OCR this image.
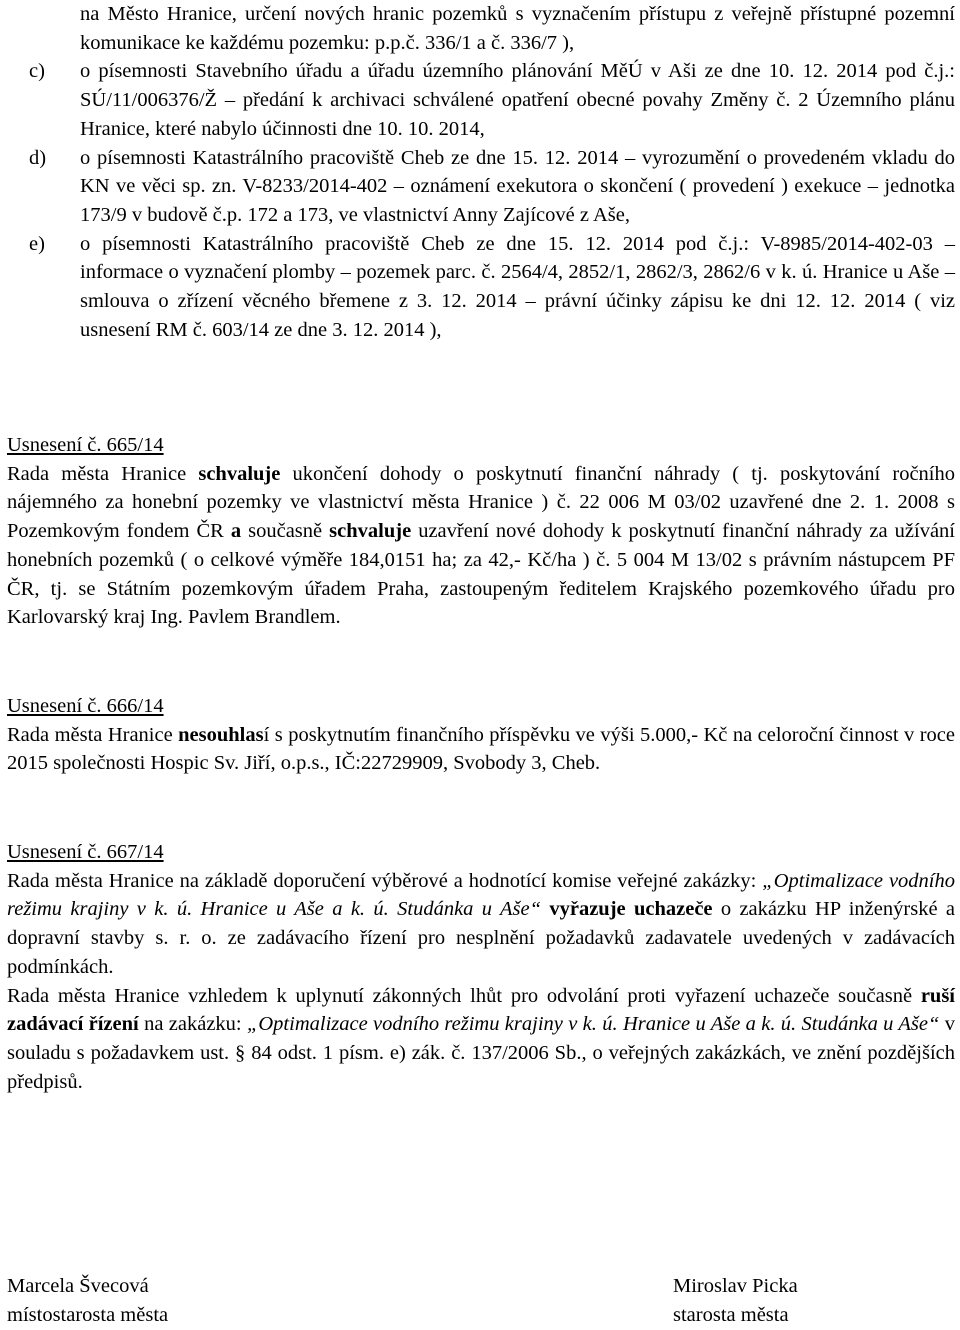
na Město Hranice, určení nových hranic pozemků s vyznačením přístupu z veřejně přístupné pozemní komunikace ke každému pozemku: p.p.č. 336/1 a č. 336/7 ),
c) o písemnosti Stavebního úřadu a úřadu územního plánování MěÚ v Aši ze dne 10. 12. 2014 pod č.j.: SÚ/11/006376/Ž – předání k archivaci schválené opatření obecné povahy Změny č. 2 Územního plánu Hranice, které nabylo účinnosti dne 10. 10. 2014,
d) o písemnosti Katastrálního pracoviště Cheb ze dne 15. 12. 2014 – vyrozumění o provedeném vkladu do KN ve věci sp. zn. V-8233/2014-402 – oznámení exekutora o skončení ( provedení ) exekuce – jednotka 173/9 v budově č.p. 172 a 173, ve vlastnictví Anny Zajícové z Aše,
e) o písemnosti Katastrálního pracoviště Cheb ze dne 15. 12. 2014 pod č.j.: V-8985/2014-402-03 – informace o vyznačení plomby – pozemek parc. č. 2564/4, 2852/1, 2862/3, 2862/6 v k. ú. Hranice u Aše – smlouva o zřízení věcného břemene z 3. 12. 2014 – právní účinky zápisu ke dni 12. 12. 2014 ( viz usnesení RM č. 603/14 ze dne 3. 12. 2014 ),

Usnesení č. 665/14

Rada města Hranice schvaluje ukončení dohody o poskytnutí finanční náhrady ( tj. poskytování ročního nájemného za honební pozemky ve vlastnictví města Hranice ) č. 22 006 M 03/02 uzavřené dne 2. 1. 2008 s Pozemkovým fondem ČR a současně schvaluje uzavření nové dohody k poskytnutí finanční náhrady za užívání honebních pozemků ( o celkové výměře 184,0151 ha; za 42,- Kč/ha ) č. 5 004 M 13/02 s právním nástupcem PF ČR, tj. se Státním pozemkovým úřadem Praha, zastoupeným ředitelem Krajského pozemkového úřadu pro Karlovarský kraj Ing. Pavlem Brandlem.

Usnesení č. 666/14

Rada města Hranice nesouhlasí s poskytnutím finančního příspěvku ve výši 5.000,- Kč na celoroční činnost v roce 2015 společnosti Hospic Sv. Jiří, o.p.s., IČ:22729909, Svobody 3, Cheb.

Usnesení č. 667/14

Rada města Hranice na základě doporučení výběrové a hodnotící komise veřejné zakázky: „Optimalizace vodního režimu krajiny v k. ú. Hranice u Aše a k. ú. Studánka u Aše“ vyřazuje uchazeče o zakázku HP inženýrské a dopravní stavby s. r. o. ze zadávacího řízení pro nesplnění požadavků zadavatele uvedených v zadávacích podmínkách.

Rada města Hranice vzhledem k uplynutí zákonných lhůt pro odvolání proti vyřazení uchazeče současně ruší zadávací řízení na zakázku: „Optimalizace vodního režimu krajiny v k. ú. Hranice u Aše a k. ú. Studánka u Aše“ v souladu s požadavkem ust. § 84 odst. 1 písm. e) zák. č. 137/2006 Sb., o veřejných zakázkách, ve znění pozdějších předpisů.

Marcela Švecová
místostarosta města
Miroslav Picka
starosta města
